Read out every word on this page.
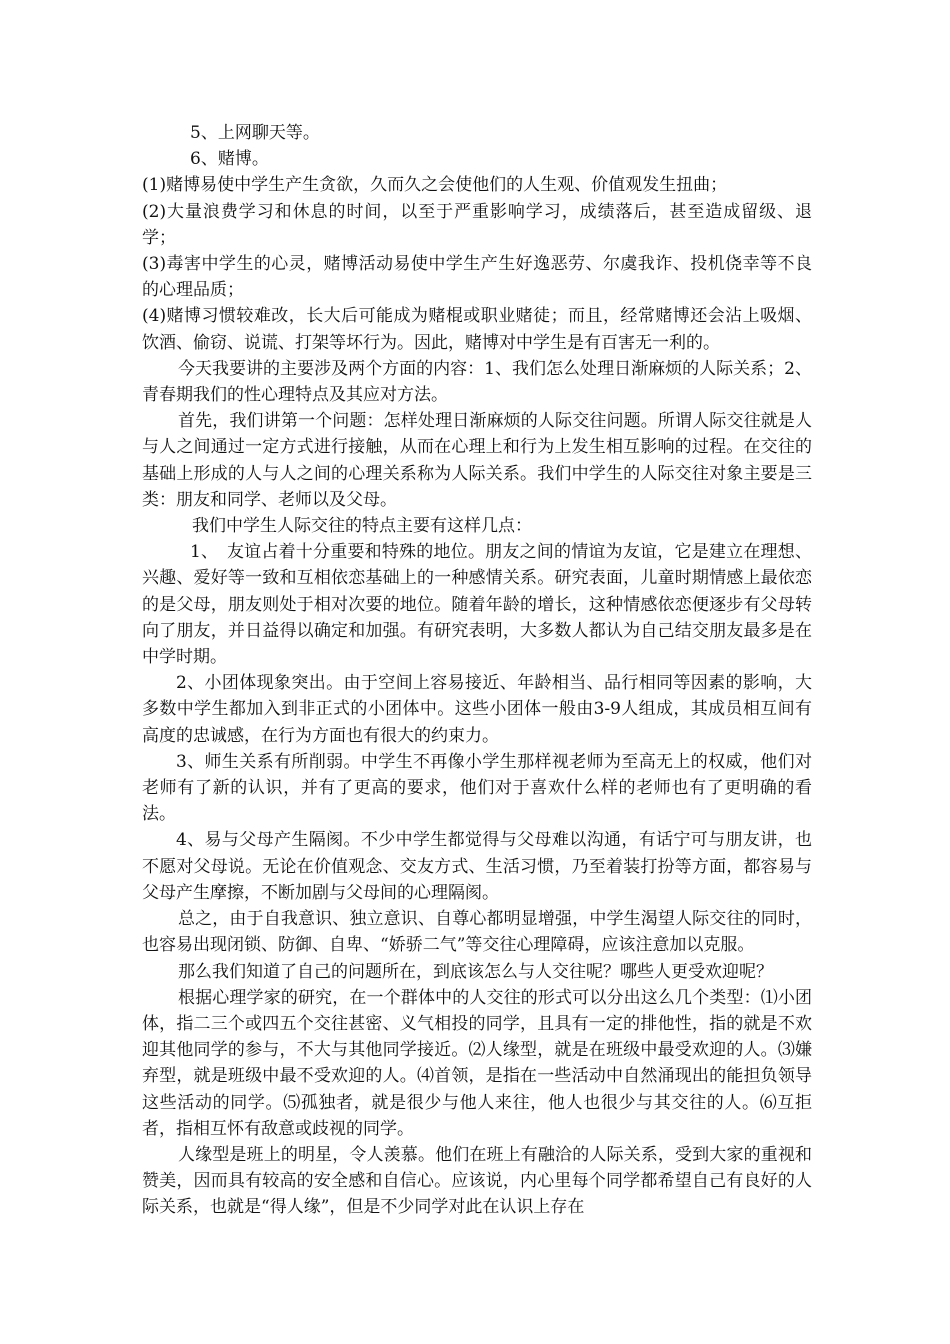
5、上网聊天等。

6、赌博。

(1)赌博易使中学生产生贪欲，久而久之会使他们的人生观、价值观发生扭曲；

(2)大量浪费学习和休息的时间，以至于严重影响学习，成绩落后，甚至造成留级、退学；

(3)毒害中学生的心灵，赌博活动易使中学生产生好逸恶劳、尔虞我诈、投机侥幸等不良的心理品质；

(4)赌博习惯较难改，长大后可能成为赌棍或职业赌徒；而且，经常赌博还会沾上吸烟、饮酒、偷窃、说谎、打架等坏行为。因此，赌博对中学生是有百害无一利的。

今天我要讲的主要涉及两个方面的内容：1、我们怎么处理日渐麻烦的人际关系；2、青春期我们的性心理特点及其应对方法。

首先，我们讲第一个问题：怎样处理日渐麻烦的人际交往问题。所谓人际交往就是人与人之间通过一定方式进行接触，从而在心理上和行为上发生相互影响的过程。在交往的基础上形成的人与人之间的心理关系称为人际关系。我们中学生的人际交往对象主要是三类：朋友和同学、老师以及父母。

我们中学生人际交往的特点主要有这样几点：

1、　友谊占着十分重要和特殊的地位。朋友之间的情谊为友谊，它是建立在理想、兴趣、爱好等一致和互相依恋基础上的一种感情关系。研究表面，儿童时期情感上最依恋的是父母，朋友则处于相对次要的地位。随着年龄的增长，这种情感依恋便逐步有父母转向了朋友，并日益得以确定和加强。有研究表明，大多数人都认为自己结交朋友最多是在中学时期。

2、小团体现象突出。由于空间上容易接近、年龄相当、品行相同等因素的影响，大多数中学生都加入到非正式的小团体中。这些小团体一般由3-9人组成，其成员相互间有高度的忠诚感，在行为方面也有很大的约束力。

3、师生关系有所削弱。中学生不再像小学生那样视老师为至高无上的权威，他们对老师有了新的认识，并有了更高的要求，他们对于喜欢什么样的老师也有了更明确的看法。

4、易与父母产生隔阂。不少中学生都觉得与父母难以沟通，有话宁可与朋友讲，也不愿对父母说。无论在价值观念、交友方式、生活习惯，乃至着装打扮等方面，都容易与父母产生摩擦，不断加剧与父母间的心理隔阂。

总之，由于自我意识、独立意识、自尊心都明显增强，中学生渴望人际交往的同时，也容易出现闭锁、防御、自卑、“娇骄二气”等交往心理障碍，应该注意加以克服。

那么我们知道了自己的问题所在，到底该怎么与人交往呢？哪些人更受欢迎呢？

根据心理学家的研究，在一个群体中的人交往的形式可以分出这么几个类型：⑴小团体，指二三个或四五个交往甚密、义气相投的同学，且具有一定的排他性，指的就是不欢迎其他同学的参与，不大与其他同学接近。⑵人缘型，就是在班级中最受欢迎的人。⑶嫌弃型，就是班级中最不受欢迎的人。⑷首领，是指在一些活动中自然涌现出的能担负领导这些活动的同学。⑸孤独者，就是很少与他人来往，他人也很少与其交往的人。⑹互拒者，指相互怀有敌意或歧视的同学。

人缘型是班上的明星，令人羡慕。他们在班上有融洽的人际关系，受到大家的重视和赞美，因而具有较高的安全感和自信心。应该说，内心里每个同学都希望自己有良好的人际关系，也就是“得人缘”，但是不少同学对此在认识上存在
